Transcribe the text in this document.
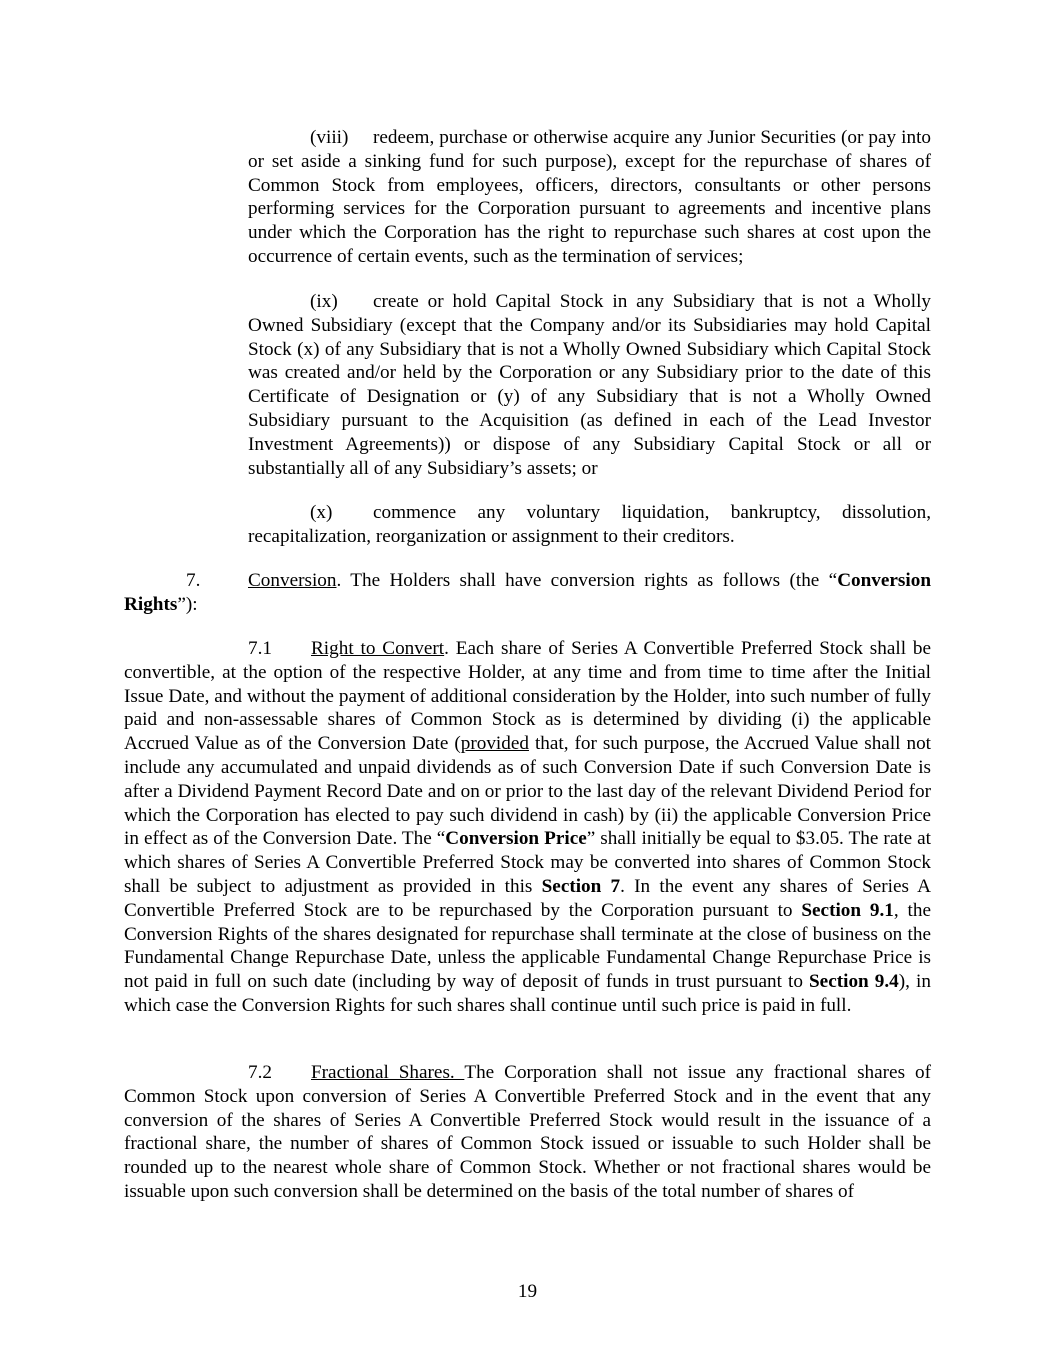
(viii) redeem, purchase or otherwise acquire any Junior Securities (or pay into or set aside a sinking fund for such purpose), except for the repurchase of shares of Common Stock from employees, officers, directors, consultants or other persons performing services for the Corporation pursuant to agreements and incentive plans under which the Corporation has the right to repurchase such shares at cost upon the occurrence of certain events, such as the termination of services;

(ix) create or hold Capital Stock in any Subsidiary that is not a Wholly Owned Subsidiary (except that the Company and/or its Subsidiaries may hold Capital Stock (x) of any Subsidiary that is not a Wholly Owned Subsidiary which Capital Stock was created and/or held by the Corporation or any Subsidiary prior to the date of this Certificate of Designation or (y) of any Subsidiary that is not a Wholly Owned Subsidiary pursuant to the Acquisition (as defined in each of the Lead Investor Investment Agreements)) or dispose of any Subsidiary Capital Stock or all or substantially all of any Subsidiary’s assets; or

(x) commence any voluntary liquidation, bankruptcy, dissolution, recapitalization, reorganization or assignment to their creditors.

7. Conversion. The Holders shall have conversion rights as follows (the “Conversion Rights”):

7.1 Right to Convert. Each share of Series A Convertible Preferred Stock shall be convertible, at the option of the respective Holder, at any time and from time to time after the Initial Issue Date, and without the payment of additional consideration by the Holder, into such number of fully paid and non-assessable shares of Common Stock as is determined by dividing (i) the applicable Accrued Value as of the Conversion Date (provided that, for such purpose, the Accrued Value shall not include any accumulated and unpaid dividends as of such Conversion Date if such Conversion Date is after a Dividend Payment Record Date and on or prior to the last day of the relevant Dividend Period for which the Corporation has elected to pay such dividend in cash) by (ii) the applicable Conversion Price in effect as of the Conversion Date. The “Conversion Price” shall initially be equal to $3.05. The rate at which shares of Series A Convertible Preferred Stock may be converted into shares of Common Stock shall be subject to adjustment as provided in this Section 7. In the event any shares of Series A Convertible Preferred Stock are to be repurchased by the Corporation pursuant to Section 9.1, the Conversion Rights of the shares designated for repurchase shall terminate at the close of business on the Fundamental Change Repurchase Date, unless the applicable Fundamental Change Repurchase Price is not paid in full on such date (including by way of deposit of funds in trust pursuant to Section 9.4), in which case the Conversion Rights for such shares shall continue until such price is paid in full.

7.2 Fractional Shares. The Corporation shall not issue any fractional shares of Common Stock upon conversion of Series A Convertible Preferred Stock and in the event that any conversion of the shares of Series A Convertible Preferred Stock would result in the issuance of a fractional share, the number of shares of Common Stock issued or issuable to such Holder shall be rounded up to the nearest whole share of Common Stock. Whether or not fractional shares would be issuable upon such conversion shall be determined on the basis of the total number of shares of

19
